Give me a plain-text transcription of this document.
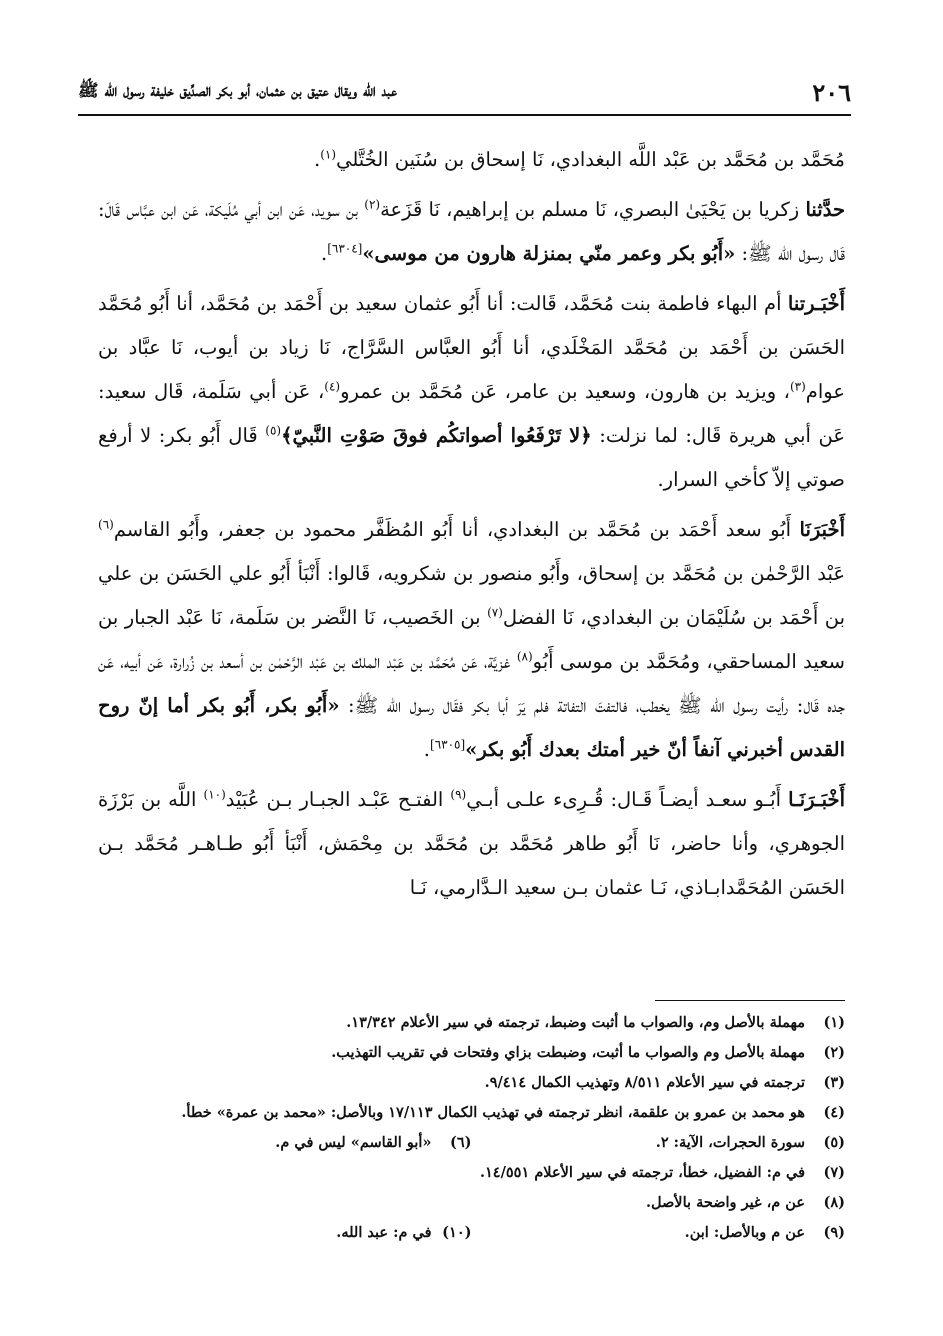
٢٠٦
عبد الله ويقال عتيق بن عثمان، أبو بكر الصدِّيق خليفة رسول الله ﷺ

مُحَمَّد بن مُحَمَّد بن عَبْد اللَّه البغدادي، نَا إسحاق بن سُنَين الخُتَّلي$^{(١)}$.

حدَّثنا زكريا بن يَحْيَىٰ البصري، نَا مسلم بن إبراهيم، نَا قَزَعة$^{(٢)}$ بن سويد، عَن ابن أبي مُلَيكة، عَن ابن عبَّاس قَالَ: قَال رسول الله ﷺ: «أَبُو بكر وعمر منّي بمنزلة هارون من موسى»[٦٣٠٤].

أَخْبَـرتنا أم البهاء فاطمة بنت مُحَمَّد، قَالت: أنا أَبُو عثمان سعيد بن أَحْمَد بن مُحَمَّد، أنا أَبُو مُحَمَّد الحَسَن بن أَحْمَد بن مُحَمَّد المَخْلَدي، أنا أَبُو العبَّاس السَّرَّاج، نَا زياد بن أيوب، نَا عبَّاد بن عوام$^{(٣)}$، ويزيد بن هارون، وسعيد بن عامر، عَن مُحَمَّد بن عمرو$^{(٤)}$، عَن أبي سَلَمة، قَال سعيد: عَن أبي هريرة قَال: لما نزلت: ﴿لا تَرْفَعُوا أصواتكُم فوقَ صَوْتِ النَّبيّ﴾$^{(٥)}$ قَال أَبُو بكر: لا أرفع صوتي إلاّ كأخي السرار.

أَخْبَرَنَا أَبُو سعد أَحْمَد بن مُحَمَّد بن البغدادي، أنا أَبُو المُظَفَّر محمود بن جعفر، وأَبُو القاسم$^{(٦)}$ عَبْد الرَّحْمٰن بن مُحَمَّد بن إسحاق، وأَبُو منصور بن شكرويه، قَالوا: أَنْبَأ أَبُو علي الحَسَن بن علي بن أَحْمَد بن سُلَيْمَان بن البغدادي، نَا الفضل$^{(٧)}$ بن الخَصيب، نَا النَّضر بن سَلَمة، نَا عَبْد الجبار بن سعيد المساحقي، ومُحَمَّد بن موسى أَبُو$^{(٨)}$ غزيَّة، عَن مُحَمَّد بن عَبْد الملك بن عَبْد الرَّحْمٰن بن أسعد بن زُرارة، عَن أبيه، عَن جده قَال: رأيت رسول الله ﷺ يخطب، فالتفتَ التفاتة فلم يَرَ أبا بكر فقَال رسول الله ﷺ: «أَبُو بكر، أَبُو بكر أما إنّ روح القدس أخبرني آنفاً أنّ خير أمتك بعدك أَبُو بكر»[٦٣٠٥].

أَخْبَـرَنَـا أَبُـو سعـد أيضـاً قَـال: قُـرِىء علـى أبـي$^{(٩)}$ الفتـح عَبْـد الجبـار بـن عُبَيْد$^{(١٠)}$ اللَّه بن بَرْزَة الجوهري، وأنا حاضر، نَا أَبُو طاهر مُحَمَّد بن مُحَمَّد بن مِحْمَش، أَنْبَأ أَبُو طـاهـر مُحَمَّد بـن الحَسَن المُحَمَّدابـاذي، نَـا عثمان بـن سعيد الـدَّارمي، نَـا

(١)
مهملة بالأصل وم، والصواب ما أثبت وضبط، ترجمته في سير الأعلام ١٣/٣٤٢.
(٢)
مهملة بالأصل وم والصواب ما أثبت، وضبطت بزاي وفتحات في تقريب التهذيب.
(٣)
ترجمته في سير الأعلام ٨/٥١١ وتهذيب الكمال ٩/٤١٤.
(٤)
هو محمد بن عمرو بن علقمة، انظر ترجمته في تهذيب الكمال ١٧/١١٣ وبالأصل: «محمد بن عمرة» خطأ.
(٥)
سورة الحجرات، الآية: ٢.
(٦)
«أبو القاسم» ليس في م.
(٧)
في م: الفضيل، خطأ، ترجمته في سير الأعلام ١٤/٥٥١.
(٨)
عن م، غير واضحة بالأصل.
(٩)
عن م وبالأصل: ابن.
(١٠)
في م: عبد الله.
